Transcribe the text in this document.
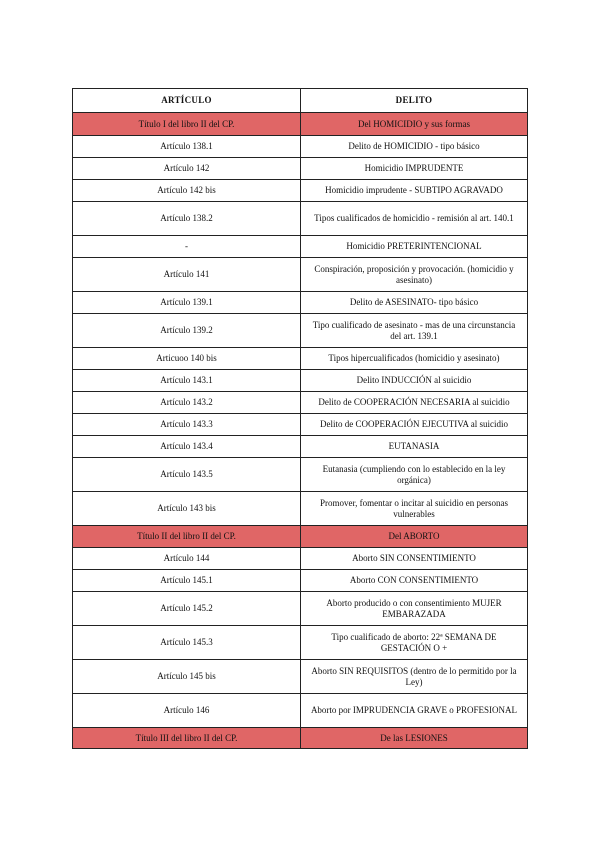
ARTÍCULO	DELITO
Título I del libro II del CP.	Del HOMICIDIO y sus formas
Artículo 138.1	Delito de HOMICIDIO - tipo básico
Artículo 142	Homicidio IMPRUDENTE
Artículo 142 bis	Homicidio imprudente - SUBTIPO AGRAVADO
Artículo 138.2	Tipos cualificados de homicidio - remisión al art. 140.1
-	Homicidio PRETERINTENCIONAL
Artículo 141	Conspiración, proposición y provocación. (homicidio y asesinato)
Artículo 139.1	Delito de ASESINATO- tipo básico
Artículo 139.2	Tipo cualificado de asesinato - mas de una circunstancia del art. 139.1
Articuoo 140 bis	Tipos hipercualificados (homicidio y asesinato)
Artículo 143.1	Delito INDUCCIÓN al suicidio
Artículo 143.2	Delito de COOPERACIÓN NECESARIA al suicidio
Artículo 143.3	Delito de COOPERACIÓN EJECUTIVA al suicidio
Artículo 143.4	EUTANASIA
Artículo 143.5	Eutanasia (cumpliendo con lo establecido en la ley orgánica)
Artículo 143 bis	Promover, fomentar o incitar al suicidio en personas vulnerables
Título II del libro II del CP.	Del ABORTO
Artículo 144	Aborto SIN CONSENTIMIENTO
Artículo 145.1	Aborto CON CONSENTIMIENTO
Artículo 145.2	Aborto producido o con consentimiento MUJER EMBARAZADA
Artículo 145.3	Tipo cualificado de aborto: 22ª SEMANA DE GESTACIÓN O +
Artículo 145 bis	Aborto SIN REQUISITOS (dentro de lo permitido por la Ley)
Artículo 146	Aborto por IMPRUDENCIA GRAVE o PROFESIONAL
Título III del libro II del CP.	De las LESIONES
